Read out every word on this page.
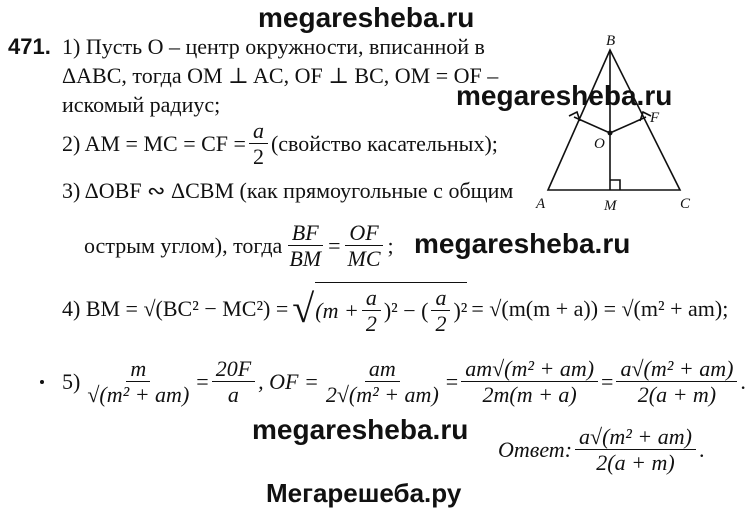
megaresheba.ru
megaresheba.ru
megaresheba.ru
megaresheba.ru
Мегарешеба.ру
471. 1) Пусть O – центр окружности, вписанной в
ΔABC, тогда OM ⊥ AC, OF ⊥ BC, OM = OF –
искомый радиус;
2) AM = MC = CF = $\frac{a}{2}$ (свойство касательных);
3) ΔOBF ∾ ΔCBM (как прямоугольные с общим
острым углом), тогда $\frac{BF}{BM} = \frac{OF}{MC}$ ;
4) BM = √(BC² − MC²) = √ $(m + \frac{a}{2} )^2$ − ( $\frac{a}{2} )^2 = √(m(m + a)) = √(m^2 + am)$;
$5) \frac{m}{\text{√(m² + am)}} = \frac{20F}{a}$ , OF = $\frac{am}{\text{2√(m² + am)}} = \frac{\text{am√(m² + am)}}{2m(m + a)} = \frac{\text{a√(m² + am)}}{2(a + m)}$ .
Ответ: $\frac{\text{a√(m² + am)}}{2(a + m)}$ .
B
A	C
M
O
F
